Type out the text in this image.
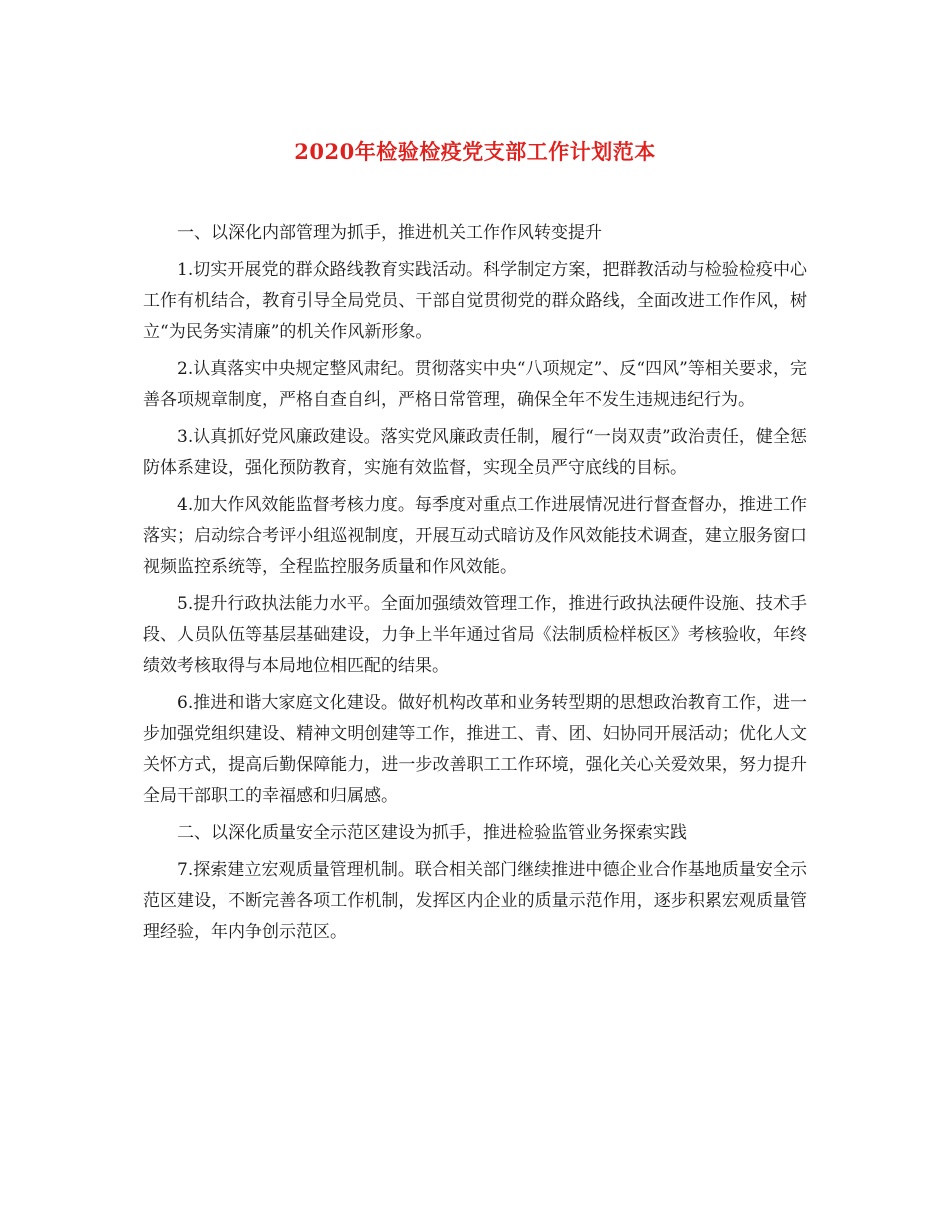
2020年检验检疫党支部工作计划范本

一、以深化内部管理为抓手，推进机关工作作风转变提升

1.切实开展党的群众路线教育实践活动。科学制定方案，把群教活动与检验检疫中心工作有机结合，教育引导全局党员、干部自觉贯彻党的群众路线，全面改进工作作风，树立“为民务实清廉”的机关作风新形象。

2.认真落实中央规定整风肃纪。贯彻落实中央“八项规定”、反“四风”等相关要求，完善各项规章制度，严格自查自纠，严格日常管理，确保全年不发生违规违纪行为。

3.认真抓好党风廉政建设。落实党风廉政责任制，履行“一岗双责”政治责任，健全惩防体系建设，强化预防教育，实施有效监督，实现全员严守底线的目标。

4.加大作风效能监督考核力度。每季度对重点工作进展情况进行督查督办，推进工作落实；启动综合考评小组巡视制度，开展互动式暗访及作风效能技术调查，建立服务窗口视频监控系统等，全程监控服务质量和作风效能。

5.提升行政执法能力水平。全面加强绩效管理工作，推进行政执法硬件设施、技术手段、人员队伍等基层基础建设，力争上半年通过省局《法制质检样板区》考核验收，年终绩效考核取得与本局地位相匹配的结果。

6.推进和谐大家庭文化建设。做好机构改革和业务转型期的思想政治教育工作，进一步加强党组织建设、精神文明创建等工作，推进工、青、团、妇协同开展活动；优化人文关怀方式，提高后勤保障能力，进一步改善职工工作环境，强化关心关爱效果，努力提升全局干部职工的幸福感和归属感。

二、以深化质量安全示范区建设为抓手，推进检验监管业务探索实践

7.探索建立宏观质量管理机制。联合相关部门继续推进中德企业合作基地质量安全示范区建设，不断完善各项工作机制，发挥区内企业的质量示范作用，逐步积累宏观质量管理经验，年内争创示范区。
